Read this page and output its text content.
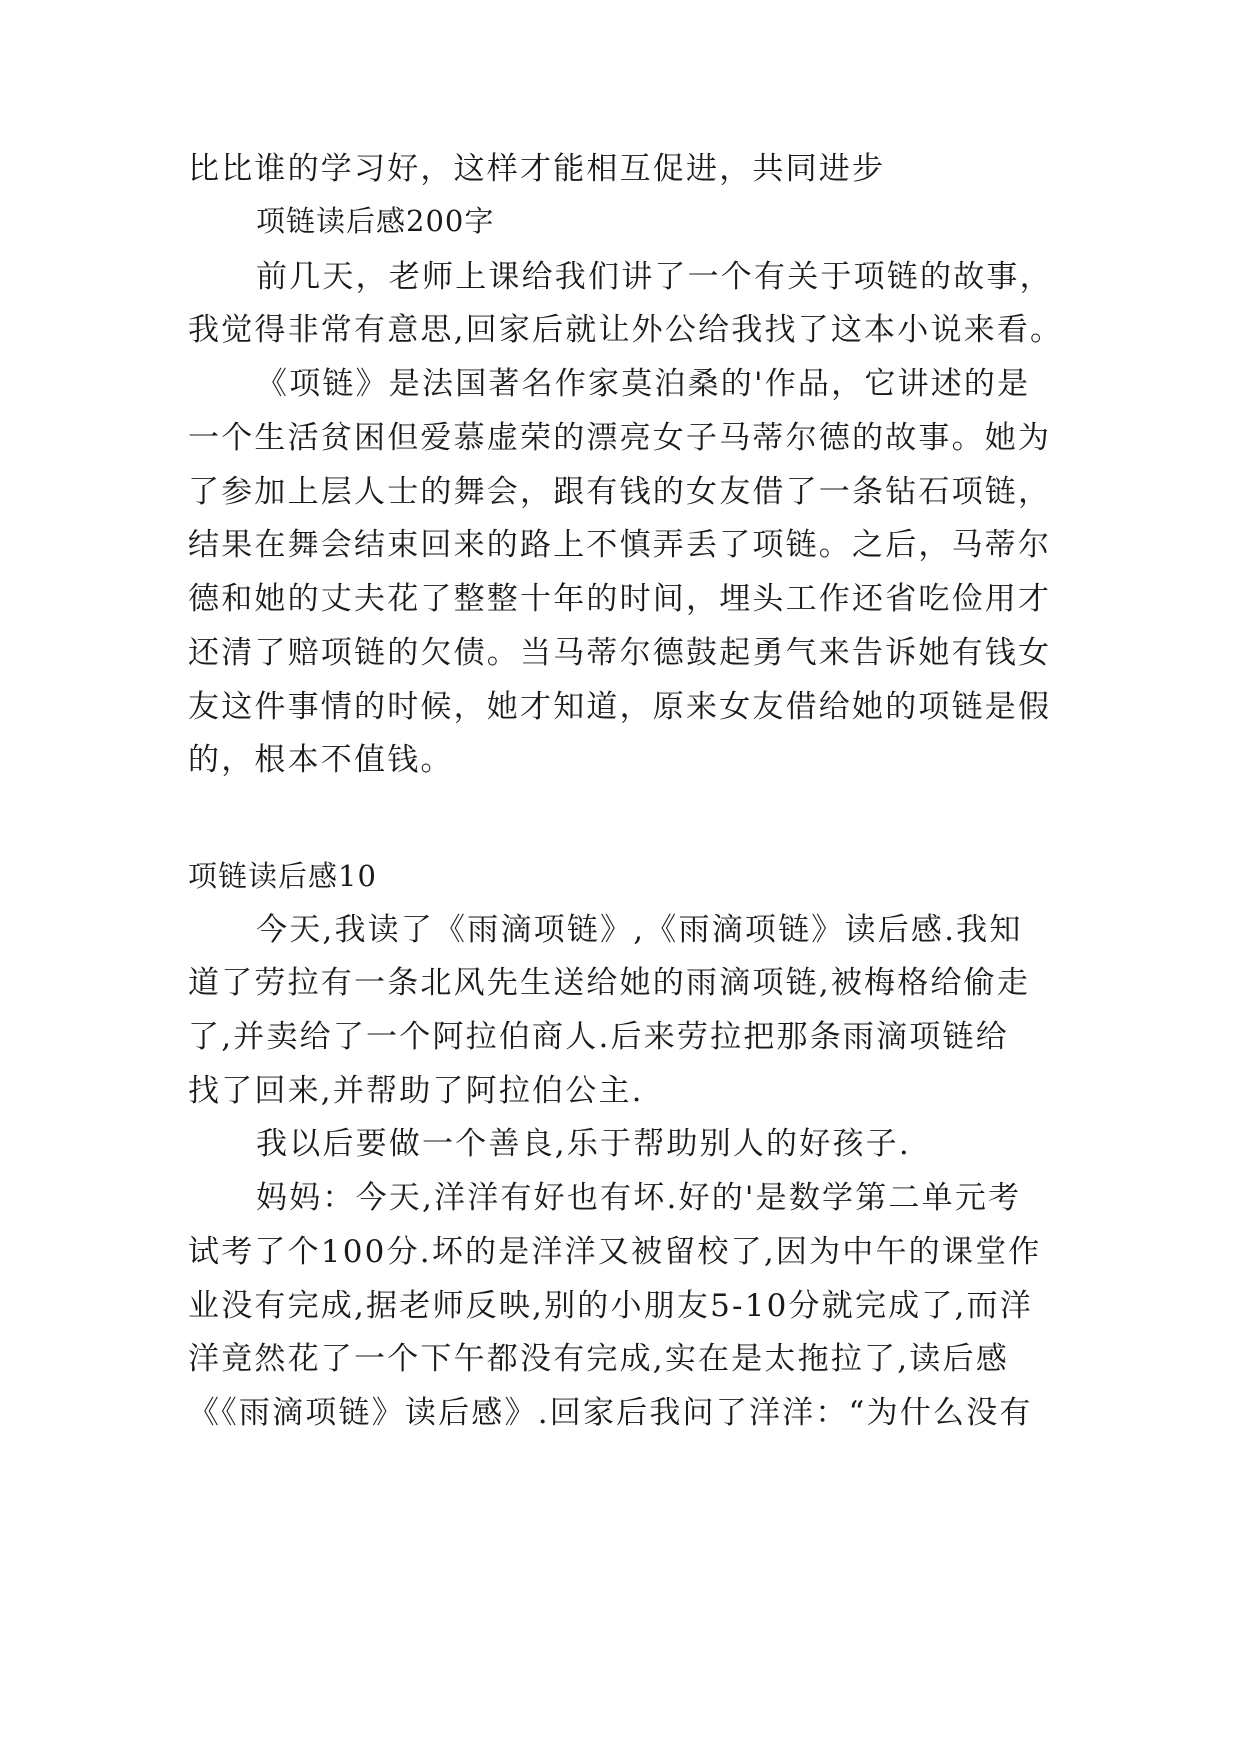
比比谁的学习好，这样才能相互促进，共同进步
项链读后感200字
前几天，老师上课给我们讲了一个有关于项链的故事，
我觉得非常有意思,回家后就让外公给我找了这本小说来看。
《项链》是法国著名作家莫泊桑的'作品，它讲述的是
一个生活贫困但爱慕虚荣的漂亮女子马蒂尔德的故事。她为
了参加上层人士的舞会，跟有钱的女友借了一条钻石项链，
结果在舞会结束回来的路上不慎弄丢了项链。之后，马蒂尔
德和她的丈夫花了整整十年的时间，埋头工作还省吃俭用才
还清了赔项链的欠债。当马蒂尔德鼓起勇气来告诉她有钱女
友这件事情的时候，她才知道，原来女友借给她的项链是假
的，根本不值钱。
项链读后感10
今天,我读了《雨滴项链》,《雨滴项链》读后感.我知
道了劳拉有一条北风先生送给她的雨滴项链,被梅格给偷走
了,并卖给了一个阿拉伯商人.后来劳拉把那条雨滴项链给
找了回来,并帮助了阿拉伯公主.
我以后要做一个善良,乐于帮助别人的好孩子.
妈妈：今天,洋洋有好也有坏.好的'是数学第二单元考
试考了个100分.坏的是洋洋又被留校了,因为中午的课堂作
业没有完成,据老师反映,别的小朋友5-10分就完成了,而洋
洋竟然花了一个下午都没有完成,实在是太拖拉了,读后感
《《雨滴项链》读后感》.回家后我问了洋洋：“为什么没有
